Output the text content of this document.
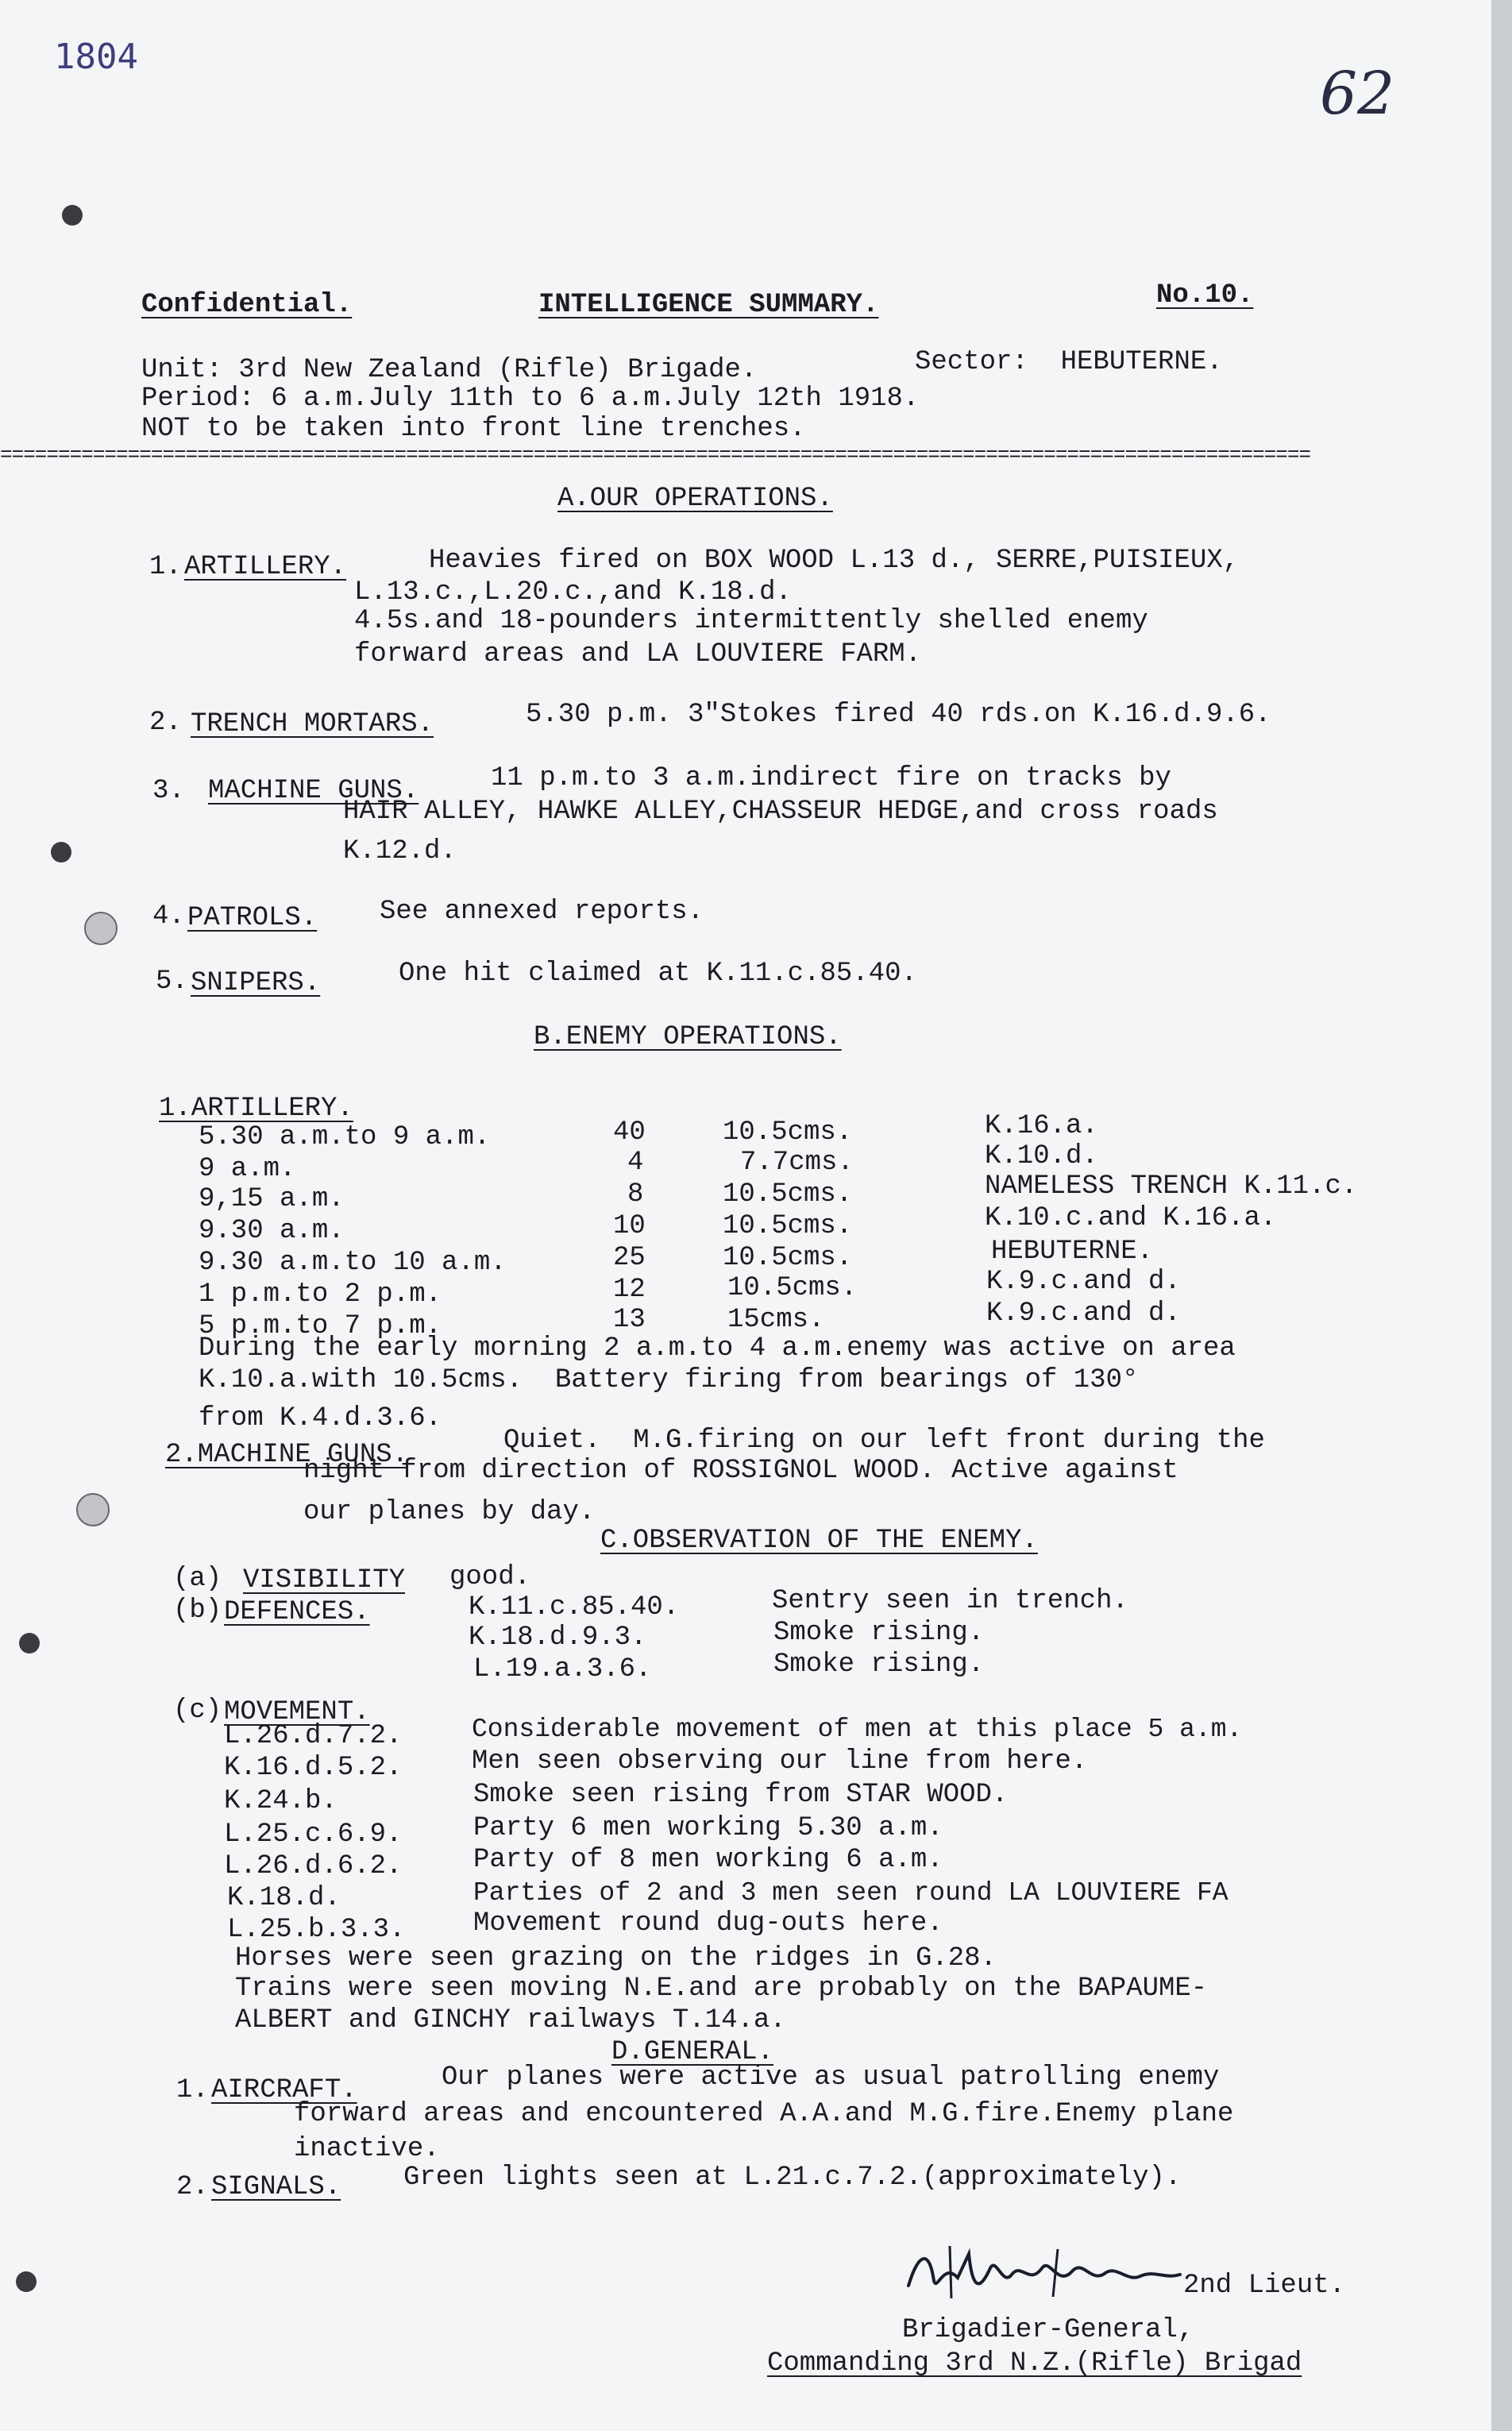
1804
62
Confidential.	INTELLIGENCE SUMMARY.	No.10.
Unit: 3rd New Zealand (Rifle) Brigade.	Sector:  HEBUTERNE.
Period: 6 a.m.July 11th to 6 a.m.July 12th 1918.
NOT to be taken into front line trenches.
=================================================================================================================
A.OUR OPERATIONS.
1. ARTILLERY.	Heavies fired on BOX WOOD L.13 d., SERRE,PUISIEUX,
L.13.c.,L.20.c.,and K.18.d.
4.5s.and 18-pounders intermittently shelled enemy
forward areas and LA LOUVIERE FARM.
2. TRENCH MORTARS.	5.30 p.m. 3"Stokes fired 40 rds.on K.16.d.9.6.
3. MACHINE GUNS.	11 p.m.to 3 a.m.indirect fire on tracks by
HAIR ALLEY, HAWKE ALLEY,CHASSEUR HEDGE,and cross roads
K.12.d.
4. PATROLS. See annexed reports.
5. SNIPERS.	One hit claimed at K.11.c.85.40.
B.ENEMY OPERATIONS.
1.ARTILLERY.
5.30 a.m.to 9 a.m.	40	10.5cms.	K.16.a.
9 a.m.	4	7.7cms.	K.10.d.
9,15 a.m.	8	10.5cms.	NAMELESS TRENCH K.11.c.
9.30 a.m.	10	10.5cms.	K.10.c.and K.16.a.
9.30 a.m.to 10 a.m.	25	10.5cms.	HEBUTERNE.
1 p.m.to 2 p.m.	12	10.5cms.	K.9.c.and d.
5 p.m.to 7 p.m.	13	15cms.	K.9.c.and d.
During the early morning 2 a.m.to 4 a.m.enemy was active on area
K.10.a.with 10.5cms.  Battery firing from bearings of 130°
from K.4.d.3.6.
2.MACHINE GUNS.	Quiet.  M.G.firing on our left front during the
night from direction of ROSSIGNOL WOOD. Active against
our planes by day.
C.OBSERVATION OF THE ENEMY.
(a) VISIBILITY good.
(b) DEFENCES.	K.11.c.85.40.	Sentry seen in trench.
K.18.d.9.3.	Smoke rising.
L.19.a.3.6.	Smoke rising.
(c) MOVEMENT.
L.26.d.7.2.	Considerable movement of men at this place 5 a.m.
K.16.d.5.2.	Men seen observing our line from here.
K.24.b.	Smoke seen rising from STAR WOOD.
L.25.c.6.9.	Party 6 men working 5.30 a.m.
L.26.d.6.2.	Party of 8 men working 6 a.m.
K.18.d.	Parties of 2 and 3 men seen round LA LOUVIERE FA
L.25.b.3.3.	Movement round dug-outs here.
Horses were seen grazing on the ridges in G.28.
Trains were seen moving N.E.and are probably on the BAPAUME-
ALBERT and GINCHY railways T.14.a.
D.GENERAL.
1. AIRCRAFT.	Our planes were active as usual patrolling enemy
forward areas and encountered A.A.and M.G.fire.Enemy plane
inactive.
2. SIGNALS. Green lights seen at L.21.c.7.2.(approximately).
2nd Lieut.
Brigadier-General,
Commanding 3rd N.Z.(Rifle) Brigad
